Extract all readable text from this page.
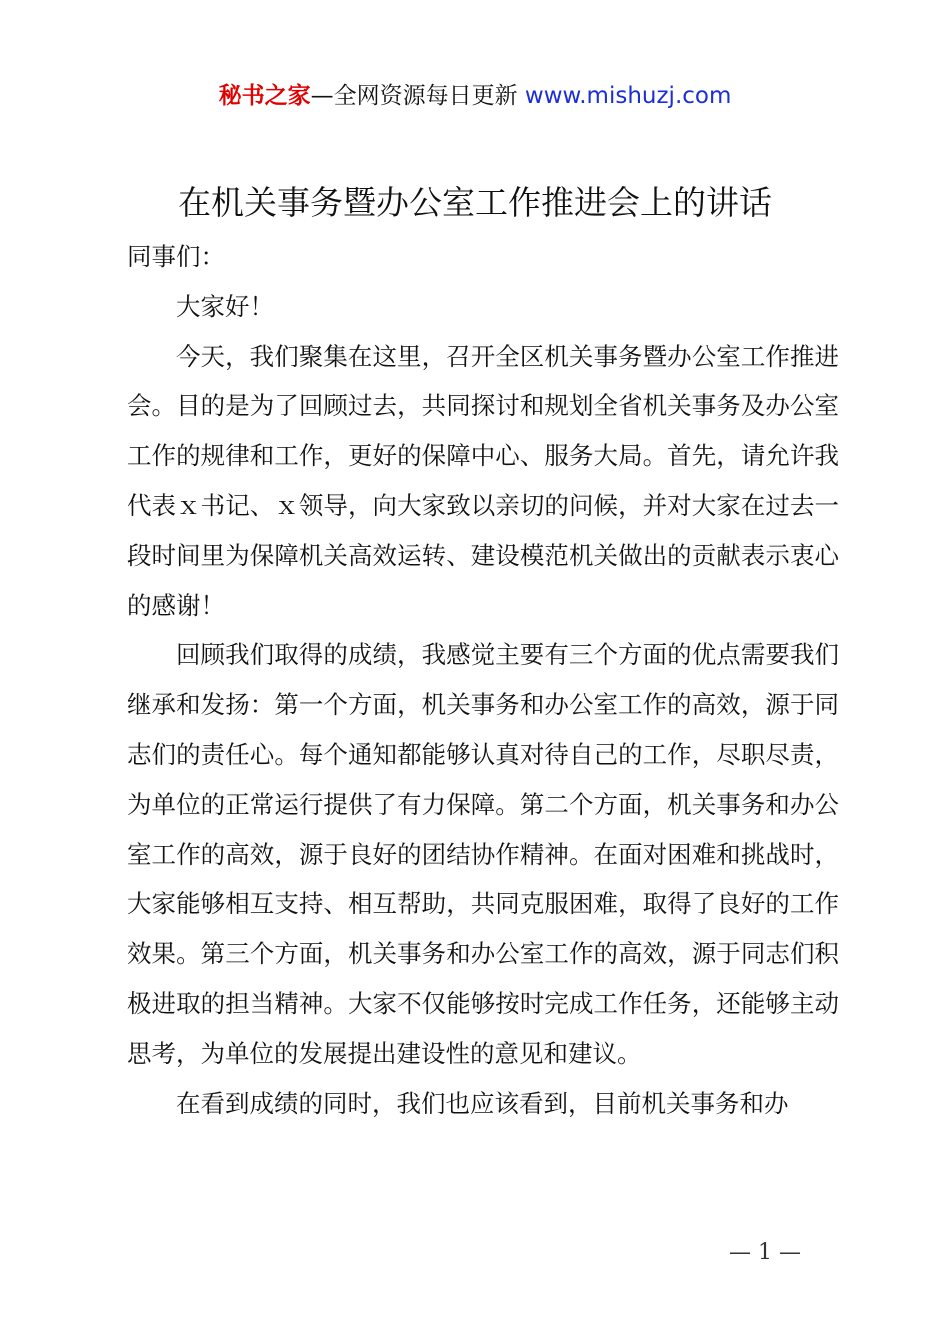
秘书之家—全网资源每日更新 www.mishuzj.com
在机关事务暨办公室工作推进会上的讲话

同事们：

大家好！

今天，我们聚集在这里，召开全区机关事务暨办公室工作推进会。目的是为了回顾过去，共同探讨和规划全省机关事务及办公室工作的规律和工作，更好的保障中心、服务大局。首先，请允许我代表ｘ书记、ｘ领导，向大家致以亲切的问候，并对大家在过去一段时间里为保障机关高效运转、建设模范机关做出的贡献表示衷心的感谢！

回顾我们取得的成绩，我感觉主要有三个方面的优点需要我们继承和发扬：第一个方面，机关事务和办公室工作的高效，源于同志们的责任心。每个通知都能够认真对待自己的工作，尽职尽责，为单位的正常运行提供了有力保障。第二个方面，机关事务和办公室工作的高效，源于良好的团结协作精神。在面对困难和挑战时，大家能够相互支持、相互帮助，共同克服困难，取得了良好的工作效果。第三个方面，机关事务和办公室工作的高效，源于同志们积极进取的担当精神。大家不仅能够按时完成工作任务，还能够主动思考，为单位的发展提出建设性的意见和建议。

在看到成绩的同时，我们也应该看到，目前机关事务和办

— 1 —
